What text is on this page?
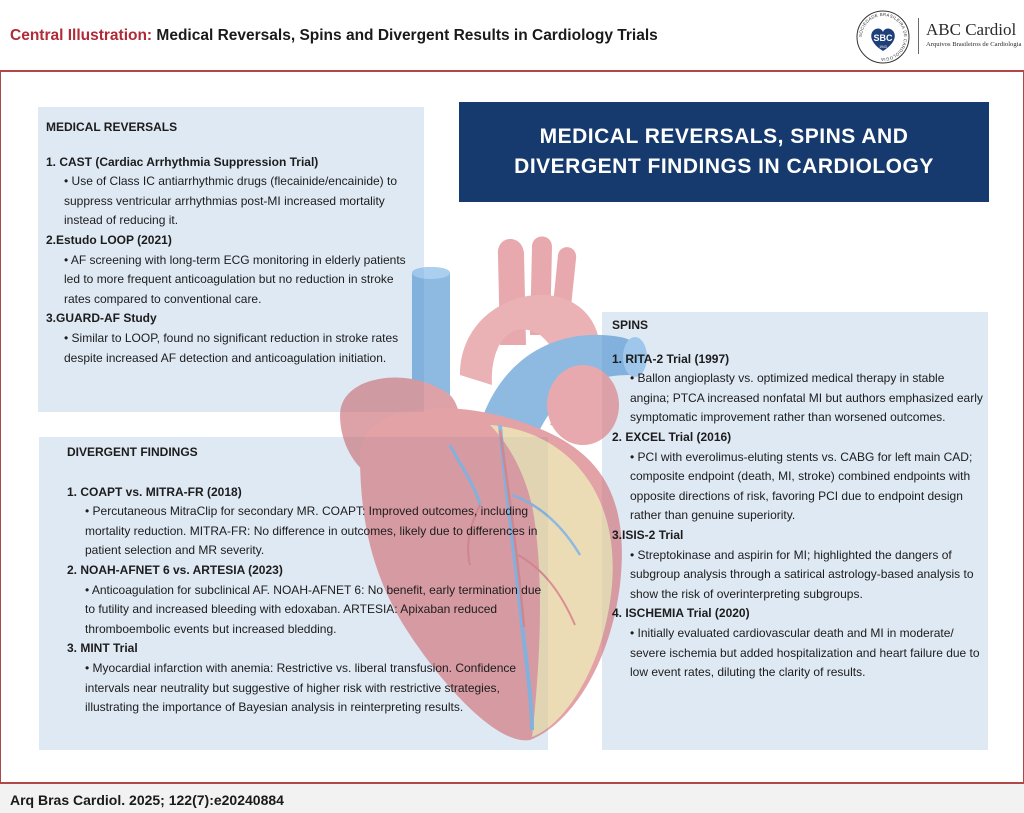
Central Illustration: Medical Reversals, Spins and Divergent Results in Cardiology Trials	SOCIEDADE BRASILEIRA DE CARDIOLOGIA
SBC
1943
ABC Cardiol
Arquivos Brasileiros de Cardiologia
MEDICAL REVERSALS, SPINS AND DIVERGENT FINDINGS IN CARDIOLOGY
MEDICAL REVERSALS
1. CAST (Cardiac Arrhythmia Suppression Trial)
• Use of Class IC antiarrhythmic drugs (flecainide/encainide) to suppress ventricular arrhythmias post-MI increased mortality instead of reducing it.
2.Estudo LOOP (2021)
• AF screening with long-term ECG monitoring in elderly patients led to more frequent anticoagulation but no reduction in stroke rates compared to conventional care.
3.GUARD-AF Study
• Similar to LOOP, found no significant reduction in stroke rates despite increased AF detection and anticoagulation initiation.
DIVERGENT FINDINGS
1. COAPT vs. MITRA-FR (2018)
• Percutaneous MitraClip for secondary MR. COAPT: Improved outcomes, including mortality reduction. MITRA-FR: No difference in outcomes, likely due to differences in patient selection and MR severity.
2. NOAH-AFNET 6 vs. ARTESIA (2023)
• Anticoagulation for subclinical AF. NOAH-AFNET 6: No benefit, early termination due to futility and increased bleeding with edoxaban. ARTESIA: Apixaban reduced thromboembolic events but increased bledding.
3. MINT Trial
• Myocardial infarction with anemia: Restrictive vs. liberal transfusion. Confidence intervals near neutrality but suggestive of higher risk with restrictive strategies, illustrating the importance of Bayesian analysis in reinterpreting results.
SPINS
1. RITA-2 Trial (1997)
• Ballon angioplasty vs. optimized medical therapy in stable angina; PTCA increased nonfatal MI but authors emphasized early symptomatic improvement rather than worsened outcomes.
2. EXCEL Trial (2016)
• PCI with everolimus-eluting stents vs. CABG for left main CAD; composite endpoint (death, MI, stroke) combined endpoints with opposite directions of risk, favoring PCI due to endpoint design rather than genuine superiority.
3.ISIS-2 Trial
• Streptokinase and aspirin for MI; highlighted the dangers of subgroup analysis through a satirical astrology-based analysis to show the risk of overinterpreting subgroups.
4. ISCHEMIA Trial (2020)
• Initially evaluated cardiovascular death and MI in moderate/ severe ischemia but added hospitalization and heart failure due to low event rates, diluting the clarity of results.
Arq Bras Cardiol. 2025; 122(7):e20240884
